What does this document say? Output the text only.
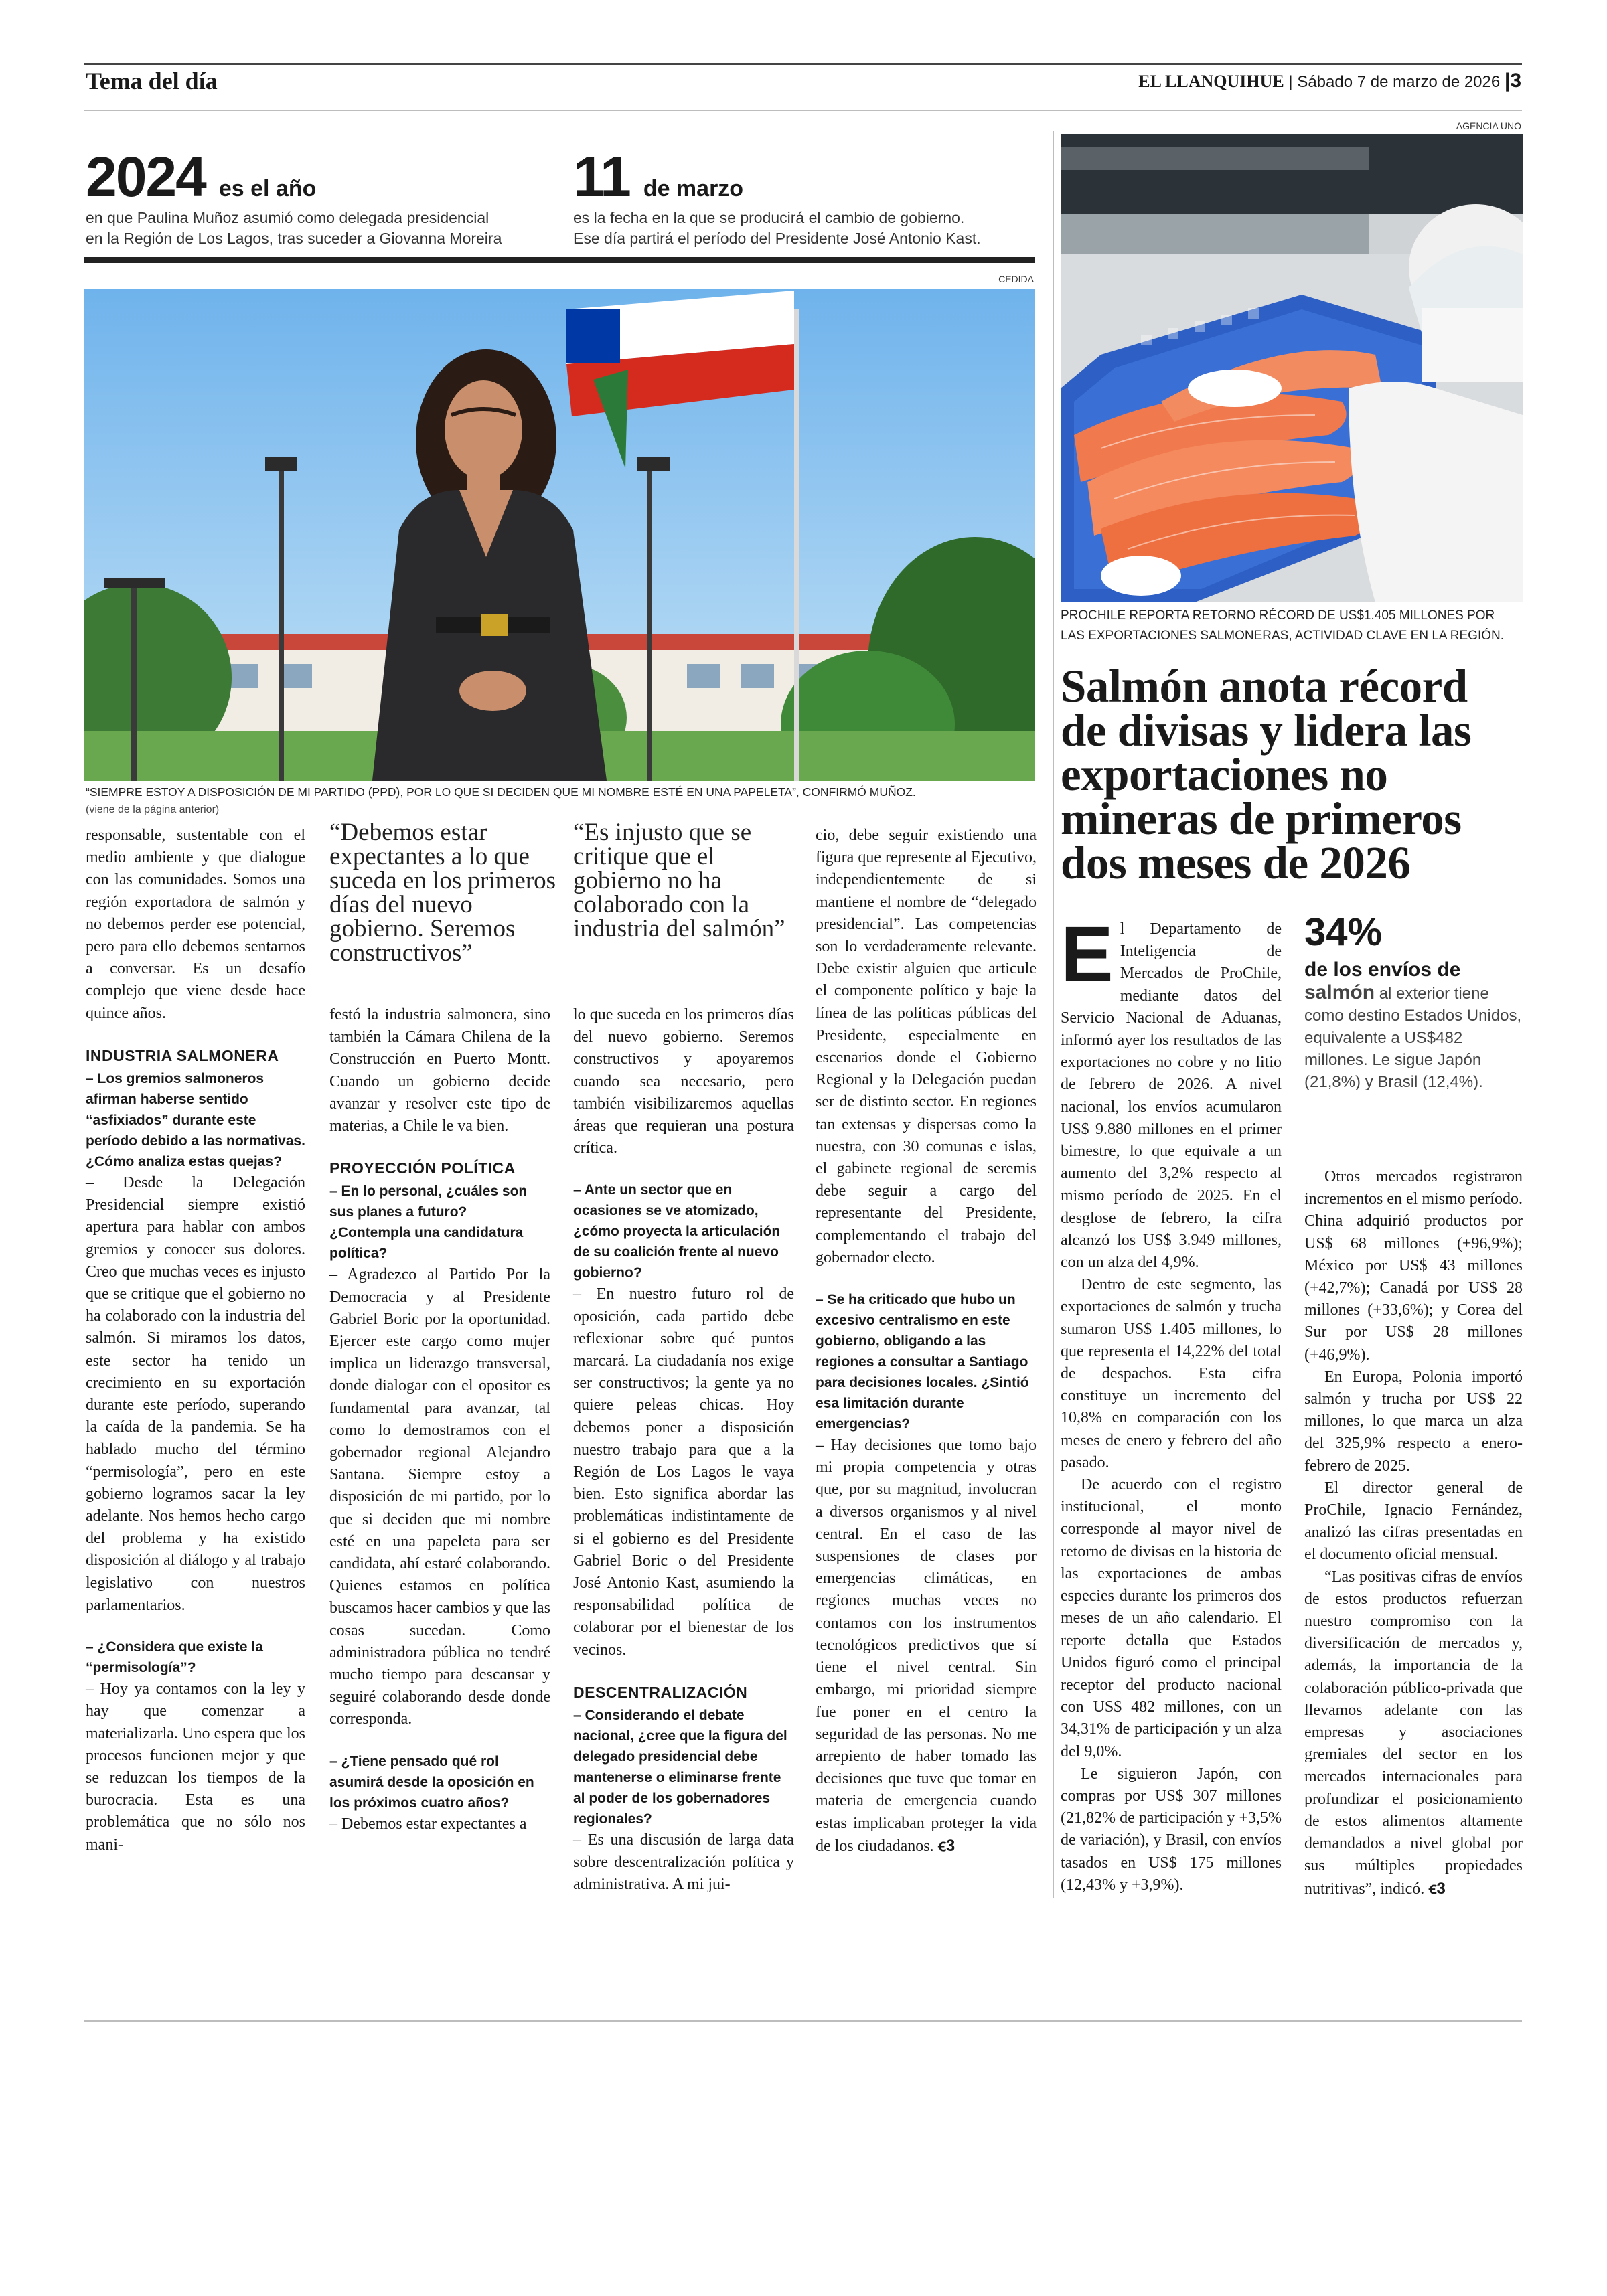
Tema del día	EL LLANQUIHUE | Sábado 7 de marzo de 2026 |3
2024 es el año
en que Paulina Muñoz asumió como delegada presidencial
en la Región de Los Lagos, tras suceder a Giovanna Moreira
11 de marzo
es la fecha en la que se producirá el cambio de gobierno.
Ese día partirá el período del Presidente José Antonio Kast.
CEDIDA
“SIEMPRE ESTOY A DISPOSICIÓN DE MI PARTIDO (PPD), POR LO QUE SI DECIDEN QUE MI NOMBRE ESTÉ EN UNA PAPELETA”, CONFIRMÓ MUÑOZ.
(viene de la página anterior)
responsable, sustentable con el medio ambiente y que dialogue con las comunidades. Somos una región exportadora de salmón y no debemos perder ese potencial, pero para ello debemos sentarnos a conversar. Es un desafío complejo que viene desde hace quince años.
INDUSTRIA SALMONERA
– Los gremios salmoneros afirman haberse sentido “asfixiados” durante este período debido a las normativas. ¿Cómo analiza estas quejas?
– Desde la Delegación Presidencial siempre existió apertura para hablar con ambos gremios y conocer sus dolores. Creo que muchas veces es injusto que se critique que el gobierno no ha colaborado con la industria del salmón. Si miramos los datos, este sector ha tenido un crecimiento en su exportación durante este período, superando la caída de la pandemia. Se ha hablado mucho del término “permisología”, pero en este gobierno logramos sacar la ley adelante. Nos hemos hecho cargo del problema y ha existido disposición al diálogo y al trabajo legislativo con nuestros parlamentarios.
– ¿Considera que existe la “permisología”?
– Hoy ya contamos con la ley y hay que comenzar a materializarla. Uno espera que los procesos funcionen mejor y que se reduzcan los tiempos de la burocracia. Esta es una problemática que no sólo nos mani-
“Debemos estar expectantes a lo que suceda en los primeros días del nuevo gobierno. Seremos constructivos”
festó la industria salmonera, sino también la Cámara Chilena de la Construcción en Puerto Montt. Cuando un gobierno decide avanzar y resolver este tipo de materias, a Chile le va bien.
PROYECCIÓN POLÍTICA
– En lo personal, ¿cuáles son sus planes a futuro? ¿Contempla una candidatura política?
– Agradezco al Partido Por la Democracia y al Presidente Gabriel Boric por la oportunidad. Ejercer este cargo como mujer implica un liderazgo transversal, donde dialogar con el opositor es fundamental para avanzar, tal como lo demostramos con el gobernador regional Alejandro Santana. Siempre estoy a disposición de mi partido, por lo que si deciden que mi nombre esté en una papeleta para ser candidata, ahí estaré colaborando. Quienes estamos en política buscamos hacer cambios y que las cosas sucedan. Como administradora pública no tendré mucho tiempo para descansar y seguiré colaborando desde donde corresponda.
– ¿Tiene pensado qué rol asumirá desde la oposición en los próximos cuatro años?
– Debemos estar expectantes a
“Es injusto que se critique que el gobierno no ha colaborado con la industria del salmón”
lo que suceda en los primeros días del nuevo gobierno. Seremos constructivos y apoyaremos cuando sea necesario, pero también visibilizaremos aquellas áreas que requieran una postura crítica.
– Ante un sector que en ocasiones se ve atomizado, ¿cómo proyecta la articulación de su coalición frente al nuevo gobierno?
– En nuestro futuro rol de oposición, cada partido debe reflexionar sobre qué puntos marcará. La ciudadanía nos exige ser constructivos; la gente ya no quiere peleas chicas. Hoy debemos poner a disposición nuestro trabajo para que a la Región de Los Lagos le vaya bien. Esto significa abordar las problemáticas indistintamente de si el gobierno es del Presidente Gabriel Boric o del Presidente José Antonio Kast, asumiendo la responsabilidad política de colaborar por el bienestar de los vecinos.
DESCENTRALIZACIÓN
– Considerando el debate nacional, ¿cree que la figura del delegado presidencial debe mantenerse o eliminarse frente al poder de los gobernadores regionales?
– Es una discusión de larga data sobre descentralización política y administrativa. A mi jui-
cio, debe seguir existiendo una figura que represente al Ejecutivo, independientemente de si mantiene el nombre de “delegado presidencial”. Las competencias son lo verdaderamente relevante. Debe existir alguien que articule el componente político y baje la línea de las políticas públicas del Presidente, especialmente en escenarios donde el Gobierno Regional y la Delegación puedan ser de distinto sector. En regiones tan extensas y dispersas como la nuestra, con 30 comunas e islas, el gabinete regional de seremis debe seguir a cargo del representante del Presidente, complementando el trabajo del gobernador electo.
– Se ha criticado que hubo un excesivo centralismo en este gobierno, obligando a las regiones a consultar a Santiago para decisiones locales. ¿Sintió esa limitación durante emergencias?
– Hay decisiones que tomo bajo mi propia competencia y otras que, por su magnitud, involucran a diversos organismos y al nivel central. En el caso de las suspensiones de clases por emergencias climáticas, en regiones muchas veces no contamos con los instrumentos tecnológicos predictivos que sí tiene el nivel central. Sin embargo, mi prioridad siempre fue poner en el centro la seguridad de las personas. No me arrepiento de haber tomado las decisiones que tuve que tomar en materia de emergencia cuando estas implicaban proteger la vida de los ciudadanos. ꞓ3
AGENCIA UNO
PROCHILE REPORTA RETORNO RÉCORD DE US$1.405 MILLONES POR
LAS EXPORTACIONES SALMONERAS, ACTIVIDAD CLAVE EN LA REGIÓN.
Salmón anota récord de divisas y lidera las exportaciones no mineras de primeros dos meses de 2026
El Departamento de Inteligencia de Mercados de ProChile, mediante datos del Servicio Nacional de Aduanas, informó ayer los resultados de las exportaciones no cobre y no litio de febrero de 2026. A nivel nacional, los envíos acumularon US$ 9.880 millones en el primer bimestre, lo que equivale a un aumento del 3,2% respecto al mismo período de 2025. En el desglose de febrero, la cifra alcanzó los US$ 3.949 millones, con un alza del 4,9%.
Dentro de este segmento, las exportaciones de salmón y trucha sumaron US$ 1.405 millones, lo que representa el 14,22% del total de despachos. Esta cifra constituye un incremento del 10,8% en comparación con los meses de enero y febrero del año pasado.
De acuerdo con el registro institucional, el monto corresponde al mayor nivel de retorno de divisas en la historia de las exportaciones de ambas especies durante los primeros dos meses de un año calendario. El reporte detalla que Estados Unidos figuró como el principal receptor del producto nacional con US$ 482 millones, con un 34,31% de participación y un alza del 9,0%.
Le siguieron Japón, con compras por US$ 307 millones (21,82% de participación y +3,5% de variación), y Brasil, con envíos tasados en US$ 175 millones (12,43% y +3,9%).
34%
de los envíos de
salmón al exterior tiene como destino Estados Unidos, equivalente a US$482 millones. Le sigue Japón (21,8%) y Brasil (12,4%).
Otros mercados registraron incrementos en el mismo período. China adquirió productos por US$ 68 millones (+96,9%); México por US$ 43 millones (+42,7%); Canadá por US$ 28 millones (+33,6%); y Corea del Sur por US$ 28 millones (+46,9%).
En Europa, Polonia importó salmón y trucha por US$ 22 millones, lo que marca un alza del 325,9% respecto a enero-febrero de 2025.
El director general de ProChile, Ignacio Fernández, analizó las cifras presentadas en el documento oficial mensual.
“Las positivas cifras de envíos de estos productos refuerzan nuestro compromiso con la diversificación de mercados y, además, la importancia de la colaboración público-privada que llevamos adelante con las empresas y asociaciones gremiales del sector en los mercados internacionales para profundizar el posicionamiento de estos alimentos altamente demandados a nivel global por sus múltiples propiedades nutritivas”, indicó. ꞓ3
